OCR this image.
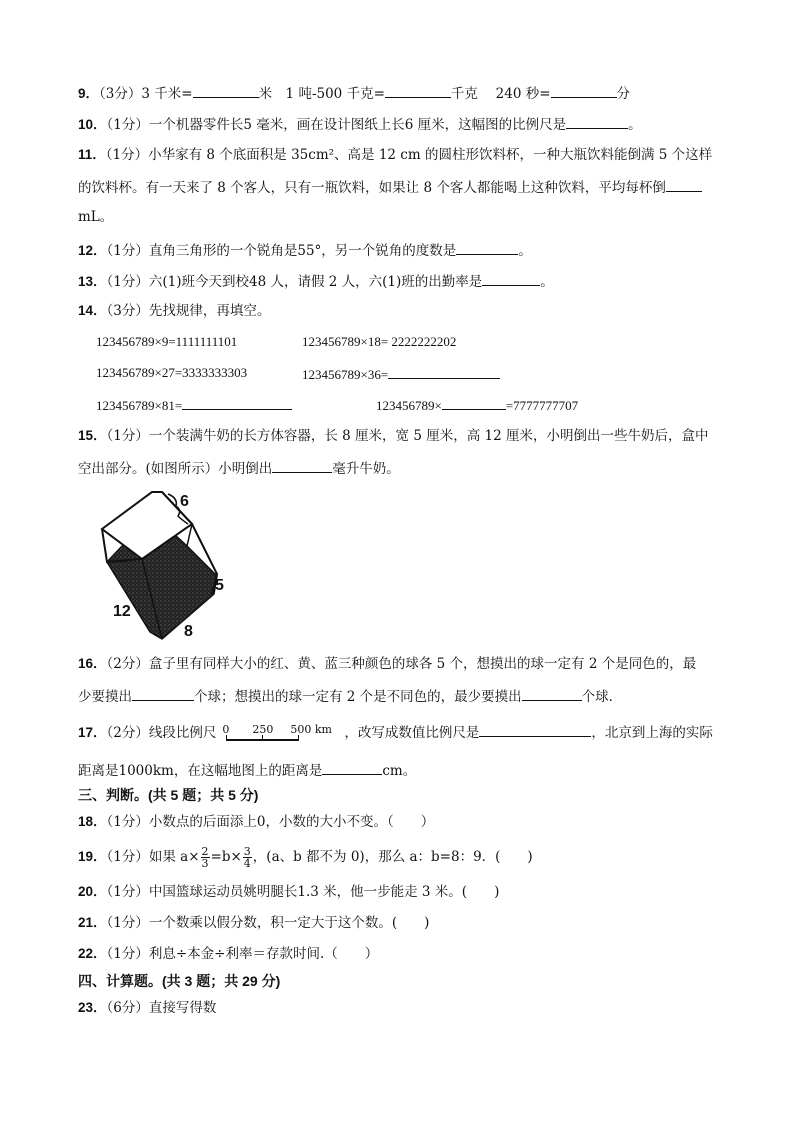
9．（3分）3 千米=	米　1 吨-500 千克=	千克　 240 秒=	分
10．（1分）一个机器零件长5 毫米，画在设计图纸上长6 厘米，这幅图的比例尺是	。
11．（1分）小华家有 8 个底面积是 35cm²、高是 12 cm 的圆柱形饮料杯，一种大瓶饮料能倒满 5 个这样
的饮料杯。有一天来了 8 个客人，只有一瓶饮料，如果让 8 个客人都能喝上这种饮料，平均每杯倒
mL。
12．（1分）直角三角形的一个锐角是55°，另一个锐角的度数是	。
13．（1分）六(1)班今天到校48 人，请假 2 人，六(1)班的出勤率是	。
14．（3分）先找规律，再填空。
123456789×9=1111111101	123456789×18= 2222222202
123456789×27=3333333303	123456789×36=
123456789×81=	123456789×	=7777777707
15．（1分）一个装满牛奶的长方体容器，长 8 厘米，宽 5 厘米，高 12 厘米，小明倒出一些牛奶后，盒中
空出部分。(如图所示）小明倒出	毫升牛奶。
6
5
12
8
16．（2分）盒子里有同样大小的红、黄、蓝三种颜色的球各 5 个，想摸出的球一定有 2 个是同色的，最
少要摸出	个球；想摸出的球一定有 2 个是不同色的，最少要摸出	个球．
17．（2分）线段比例尺 0 250 500 km ，改写成数值比例尺是	，北京到上海的实际
距离是1000km，在这幅地图上的距离是	cm。
三、判断。(共 5 题；共 5 分)
18．（1分）小数点的后面添上0，小数的大小不变。（　　）
19．（1分）如果 $a\times \frac{2}{3} =b\times \frac{3}{4}$ ，(a、b 都不为 0)，那么 a：b=8：9．(　　)
20．（1分）中国篮球运动员姚明腿长1.3 米，他一步能走 3 米。(　　)
21．（1分）一个数乘以假分数，积一定大于这个数。(　　)
22．（1分）利息÷本金÷利率＝存款时间.（　　）
四、计算题。(共 3 题；共 29 分)
23．（6分）直接写得数
